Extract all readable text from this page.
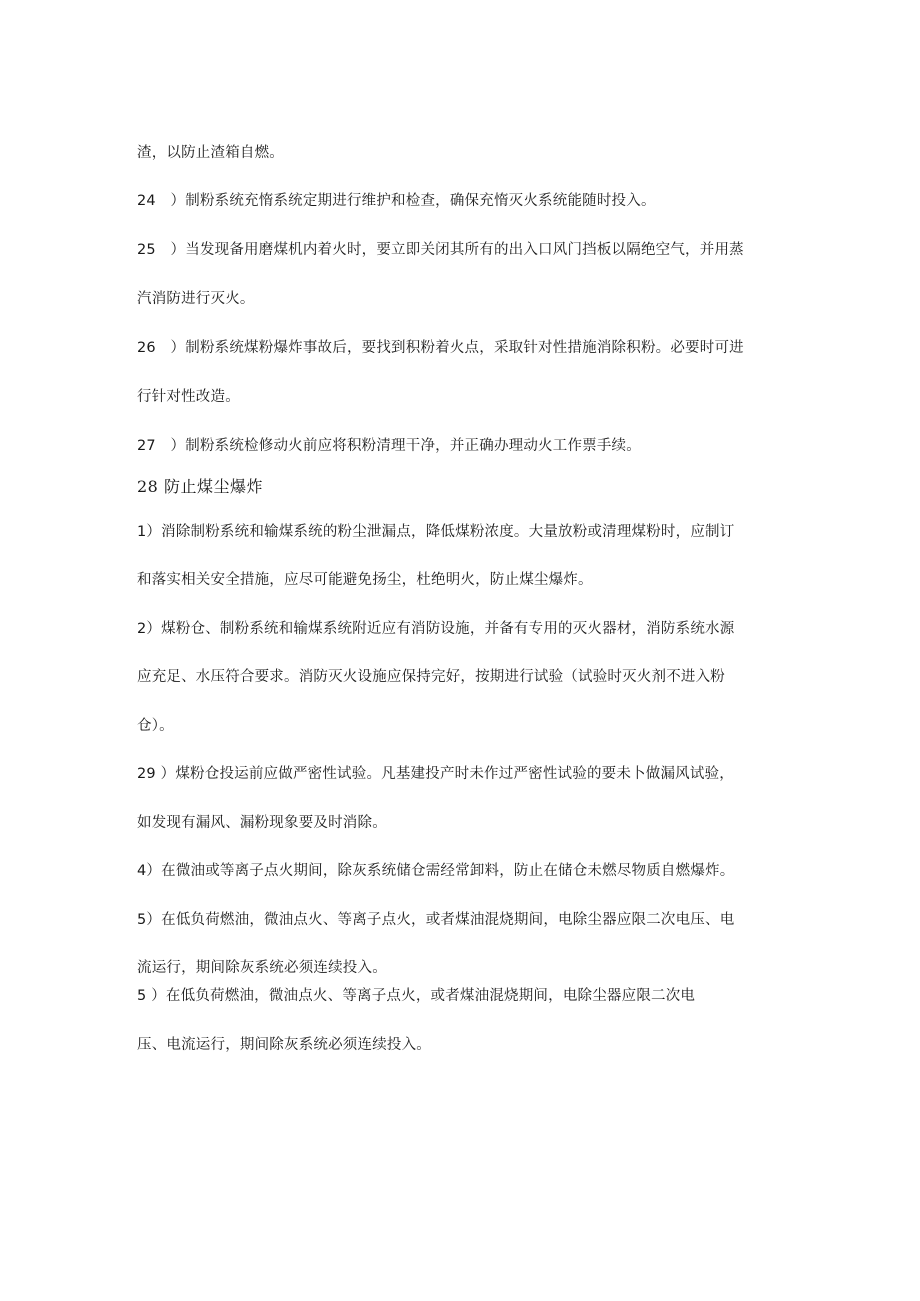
渣，以防止渣箱自燃。
24　）制粉系统充惰系统定期进行维护和检查，确保充惰灭火系统能随时投入。
25　）当发现备用磨煤机内着火时，要立即关闭其所有的出入口风门挡板以隔绝空气，并用蒸
汽消防进行灭火。
26　）制粉系统煤粉爆炸事故后，要找到积粉着火点，采取针对性措施消除积粉。必要时可进
行针对性改造。
27　）制粉系统检修动火前应将积粉清理干净，并正确办理动火工作票手续。
28 防止煤尘爆炸
1）消除制粉系统和输煤系统的粉尘泄漏点，降低煤粉浓度。大量放粉或清理煤粉时，应制订
和落实相关安全措施，应尽可能避免扬尘，杜绝明火，防止煤尘爆炸。
2）煤粉仓、制粉系统和输煤系统附近应有消防设施，并备有专用的灭火器材，消防系统水源
应充足、水压符合要求。消防灭火设施应保持完好，按期进行试验（试验时灭火剂不进入粉
仓）。
29 ）煤粉仓投运前应做严密性试验。凡基建投产时未作过严密性试验的要未卜做漏风试验，
如发现有漏风、漏粉现象要及时消除。
4）在微油或等离子点火期间，除灰系统储仓需经常卸料，防止在储仓未燃尽物质自燃爆炸。
5）在低负荷燃油，微油点火、等离子点火，或者煤油混烧期间，电除尘器应限二次电压、电
流运行，期间除灰系统必须连续投入。
5 ）在低负荷燃油，微油点火、等离子点火，或者煤油混烧期间，电除尘器应限二次电
压、电流运行，期间除灰系统必须连续投入。
